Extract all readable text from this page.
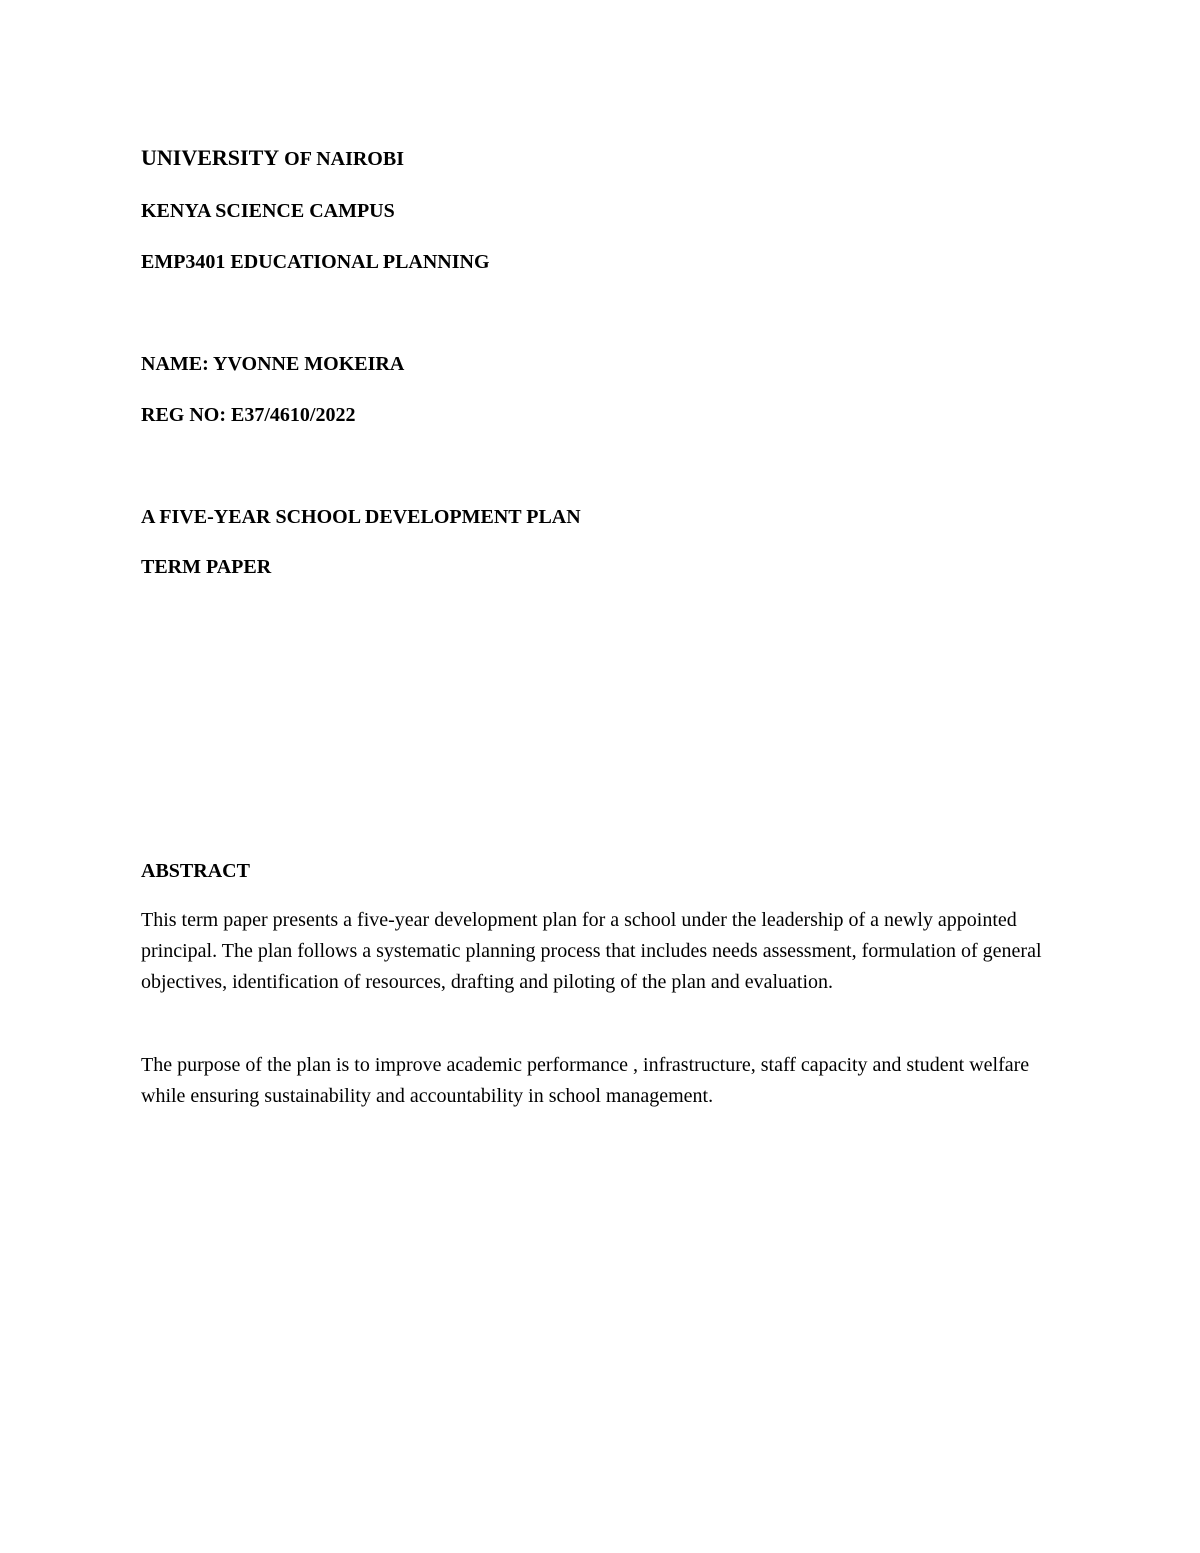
UNIVERSITY OF NAIROBI

KENYA SCIENCE CAMPUS

EMP3401 EDUCATIONAL PLANNING

NAME: YVONNE MOKEIRA

REG NO: E37/4610/2022

A FIVE-YEAR SCHOOL DEVELOPMENT PLAN

TERM PAPER

ABSTRACT

This term paper presents a five-year development plan for a school under the leadership of a newly appointed principal. The plan follows a systematic planning process that includes needs assessment, formulation of general objectives, identification of resources, drafting and piloting of the plan and evaluation.

The purpose of the plan is to improve academic performance , infrastructure, staff capacity and student welfare while ensuring sustainability and accountability in school management.
